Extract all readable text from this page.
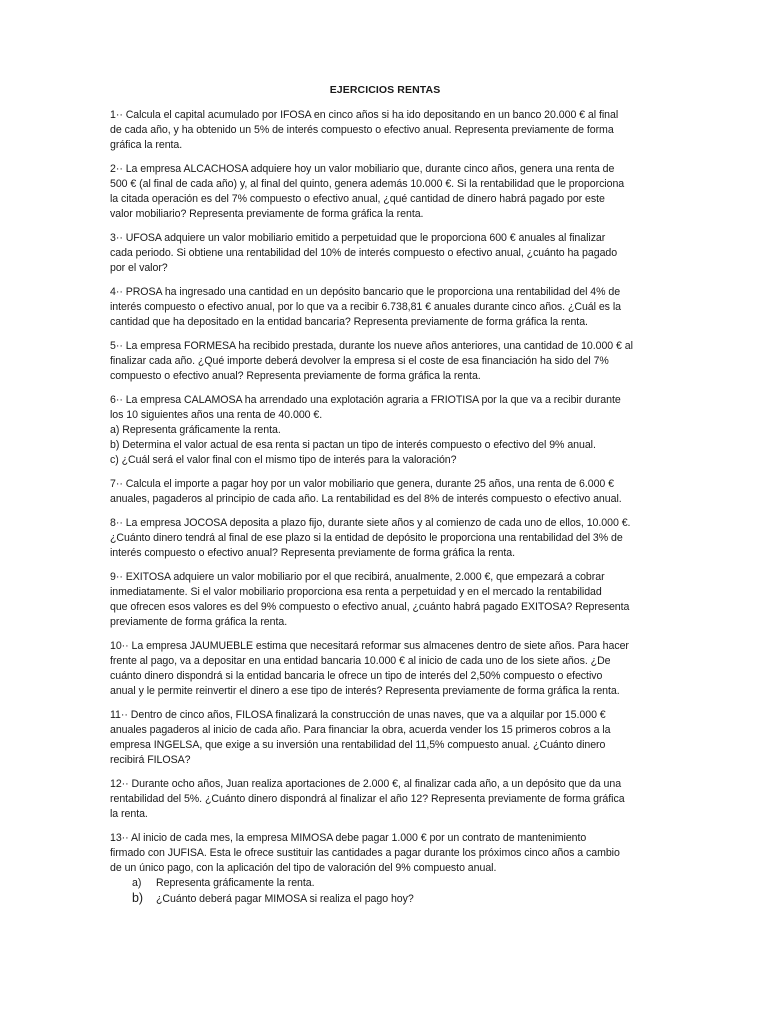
EJERCICIOS RENTAS
1·· Calcula el capital acumulado por IFOSA en cinco años si ha ido depositando en un banco 20.000 € al final
de cada año, y ha obtenido un 5% de interés compuesto o efectivo anual. Representa previamente de forma
gráfica la renta.
2·· La empresa ALCACHOSA adquiere hoy un valor mobiliario que, durante cinco años, genera una renta de
500 € (al final de cada año) y, al final del quinto, genera además 10.000 €. Si la rentabilidad que le proporciona
la citada operación es del 7% compuesto o efectivo anual, ¿qué cantidad de dinero habrá pagado por este
valor mobiliario? Representa previamente de forma gráfica la renta.
3·· UFOSA adquiere un valor mobiliario emitido a perpetuidad que le proporciona 600 € anuales al finalizar
cada periodo. Si obtiene una rentabilidad del 10% de interés compuesto o efectivo anual, ¿cuánto ha pagado
por el valor?
4·· PROSA ha ingresado una cantidad en un depósito bancario que le proporciona una rentabilidad del 4% de
interés compuesto o efectivo anual, por lo que va a recibir 6.738,81 € anuales durante cinco años. ¿Cuál es la
cantidad que ha depositado en la entidad bancaria? Representa previamente de forma gráfica la renta.
5·· La empresa FORMESA ha recibido prestada, durante los nueve años anteriores, una cantidad de 10.000 € al
finalizar cada año. ¿Qué importe deberá devolver la empresa si el coste de esa financiación ha sido del 7%
compuesto o efectivo anual? Representa previamente de forma gráfica la renta.
6·· La empresa CALAMOSA ha arrendado una explotación agraria a FRIOTISA por la que va a recibir durante
los 10 siguientes años una renta de 40.000 €.
a) Representa gráficamente la renta.
b) Determina el valor actual de esa renta si pactan un tipo de interés compuesto o efectivo del 9% anual.
c) ¿Cuál será el valor final con el mismo tipo de interés para la valoración?
7·· Calcula el importe a pagar hoy por un valor mobiliario que genera, durante 25 años, una renta de 6.000 €
anuales, pagaderos al principio de cada año. La rentabilidad es del 8% de interés compuesto o efectivo anual.
8·· La empresa JOCOSA deposita a plazo fijo, durante siete años y al comienzo de cada uno de ellos, 10.000 €.
¿Cuánto dinero tendrá al final de ese plazo si la entidad de depósito le proporciona una rentabilidad del 3% de
interés compuesto o efectivo anual? Representa previamente de forma gráfica la renta.
9·· EXITOSA adquiere un valor mobiliario por el que recibirá, anualmente, 2.000 €, que empezará a cobrar
inmediatamente. Si el valor mobiliario proporciona esa renta a perpetuidad y en el mercado la rentabilidad
que ofrecen esos valores es del 9% compuesto o efectivo anual, ¿cuánto habrá pagado EXITOSA? Representa
previamente de forma gráfica la renta.
10·· La empresa JAUMUEBLE estima que necesitará reformar sus almacenes dentro de siete años. Para hacer
frente al pago, va a depositar en una entidad bancaria 10.000 € al inicio de cada uno de los siete años. ¿De
cuánto dinero dispondrá si la entidad bancaria le ofrece un tipo de interés del 2,50% compuesto o efectivo
anual y le permite reinvertir el dinero a ese tipo de interés? Representa previamente de forma gráfica la renta.
11·· Dentro de cinco años, FILOSA finalizará la construcción de unas naves, que va a alquilar por 15.000 €
anuales pagaderos al inicio de cada año. Para financiar la obra, acuerda vender los 15 primeros cobros a la
empresa INGELSA, que exige a su inversión una rentabilidad del 11,5% compuesto anual. ¿Cuánto dinero
recibirá FILOSA?
12·· Durante ocho años, Juan realiza aportaciones de 2.000 €, al finalizar cada año, a un depósito que da una
rentabilidad del 5%. ¿Cuánto dinero dispondrá al finalizar el año 12? Representa previamente de forma gráfica
la renta.
13·· Al inicio de cada mes, la empresa MIMOSA debe pagar 1.000 € por un contrato de mantenimiento
firmado con JUFISA. Esta le ofrece sustituir las cantidades a pagar durante los próximos cinco años a cambio
de un único pago, con la aplicación del tipo de valoración del 9% compuesto anual.
a) Representa gráficamente la renta.
b) ¿Cuánto deberá pagar MIMOSA si realiza el pago hoy?
